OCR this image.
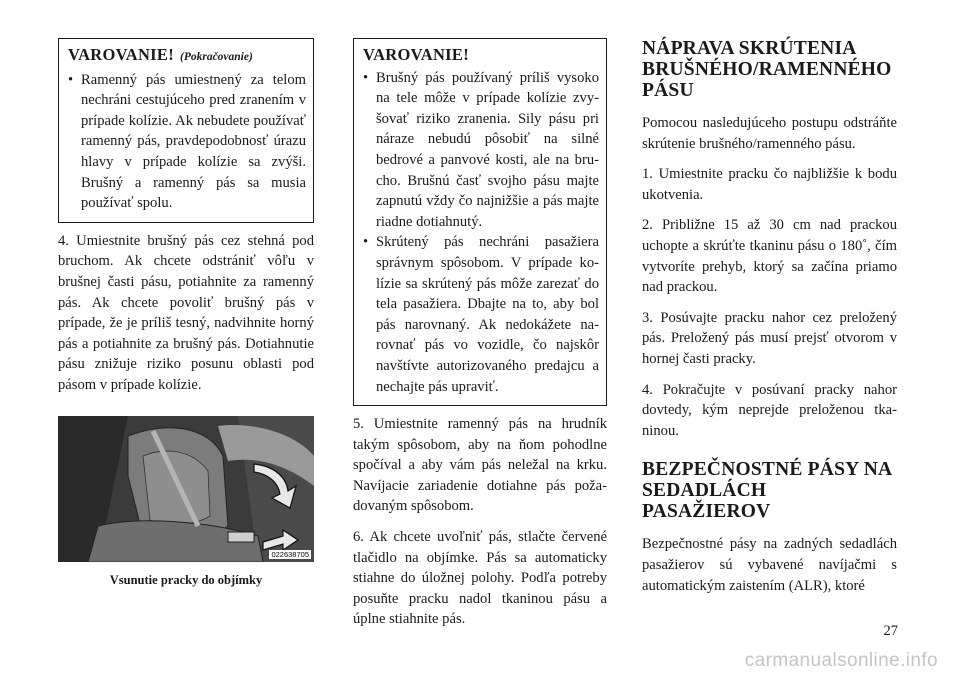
VAROVANIE! (Pokračovanie)
• Ramenný pás umiestnený za telom nechráni cestujúceho pred zranením v prípade kolízie. Ak nebudete používať ramenný pás, pravdepodobnosť úrazu hlavy v prípade kolízie sa zvýši. Brušný a ramenný pás sa musia používať spolu.

4. Umiestnite brušný pás cez stehná pod bruchom. Ak chcete odstrániť vôľu v brušnej časti pásu, potiahnite za ramenný pás. Ak chcete povoliť brušný pás v prípade, že je príliš tesný, nadvihnite horný pás a potiahnite za brušný pás. Dotiahnutie pásu znižuje riziko posunu oblasti pod pásom v prípade kolízie.

022638705
Vsunutie pracky do objímky
VAROVANIE!
• Brušný pás používaný príliš vysoko na tele môže v prípade kolízie zvyšovať riziko zranenia. Sily pásu pri náraze nebudú pôsobiť na silné bedrové a panvové kosti, ale na brucho. Brušnú časť svojho pásu majte zapnutú vždy čo najnižšie a pás majte riadne dotiahnutý.
• Skrútený pás nechráni pasažiera správnym spôsobom. V prípade kolízie sa skrútený pás môže zarezať do tela pasažiera. Dbajte na to, aby bol pás narovnaný. Ak nedokážete narovnať pás vo vozidle, čo najskôr navštívte autorizovaného predajcu a nechajte pás upraviť.

5. Umiestnite ramenný pás na hrudník takým spôsobom, aby na ňom pohodlne spočíval a aby vám pás neležal na krku. Navíjacie zariadenie dotiahne pás požadovaným spôsobom.

6. Ak chcete uvoľniť pás, stlačte červené tlačidlo na objímke. Pás sa automaticky stiahne do úložnej polohy. Podľa potreby posuňte pracku nadol tkaninou pásu a úplne stiahnite pás.

NÁPRAVA SKRÚTENIA BRUŠNÉHO/RAMENNÉHO PÁSU

Pomocou nasledujúceho postupu odstráňte skrútenie brušného/ramenného pásu.

1. Umiestnite pracku čo najbližšie k bodu ukotvenia.

2. Približne 15 až 30 cm nad prackou uchopte a skrúťte tkaninu pásu o 180˚, čím vytvoríte prehyb, ktorý sa začína priamo nad prackou.

3. Posúvajte pracku nahor cez preložený pás. Preložený pás musí prejsť otvorom v hornej časti pracky.

4. Pokračujte v posúvaní pracky nahor dovtedy, kým neprejde preloženou tkaninou.

BEZPEČNOSTNÉ PÁSY NA SEDADLÁCH PASAŽIEROV

Bezpečnostné pásy na zadných sedadlách pasažierov sú vybavené navíjačmi s automatickým zaistením (ALR), ktoré

27
carmanualsonline.info
